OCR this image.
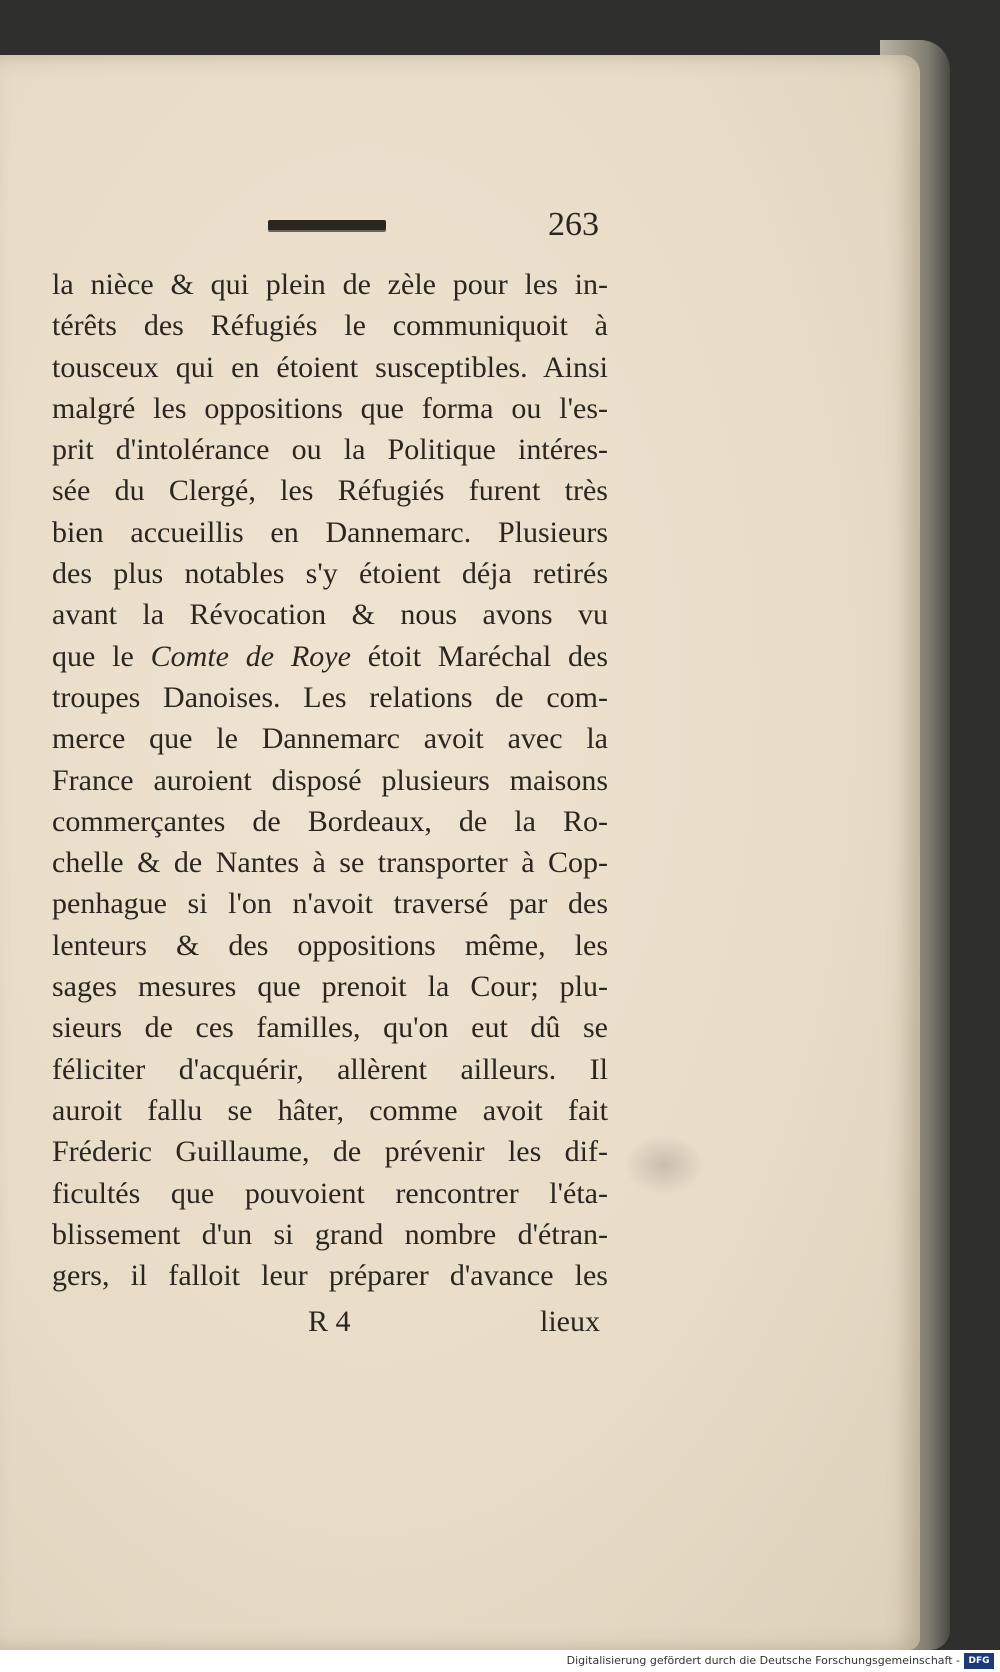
263
la nièce & qui plein de zèle pour les in-
térêts des Réfugiés le communiquoit à
tousceux qui en étoient susceptibles. Ainsi
malgré les oppositions que forma ou l'es-
prit d'intolérance ou la Politique intéres-
sée du Clergé, les Réfugiés furent très
bien accueillis en Dannemarc. Plusieurs
des plus notables s'y étoient déja retirés
avant la Révocation & nous avons vu
que le Comte de Roye étoit Maréchal des
troupes Danoises. Les relations de com-
merce que le Dannemarc avoit avec la
France auroient disposé plusieurs maisons
commerçantes de Bordeaux, de la Ro-
chelle & de Nantes à se transporter à Cop-
penhague si l'on n'avoit traversé par des
lenteurs & des oppositions même, les
sages mesures que prenoit la Cour; plu-
sieurs de ces familles, qu'on eut dû se
féliciter d'acquérir, allèrent ailleurs. Il
auroit fallu se hâter, comme avoit fait
Fréderic Guillaume, de prévenir les dif-
ficultés que pouvoient rencontrer l'éta-
blissement d'un si grand nombre d'étran-
gers, il falloit leur préparer d'avance les
R 4	lieux
Digitalisierung gefördert durch die Deutsche Forschungsgemeinschaft - DFG
